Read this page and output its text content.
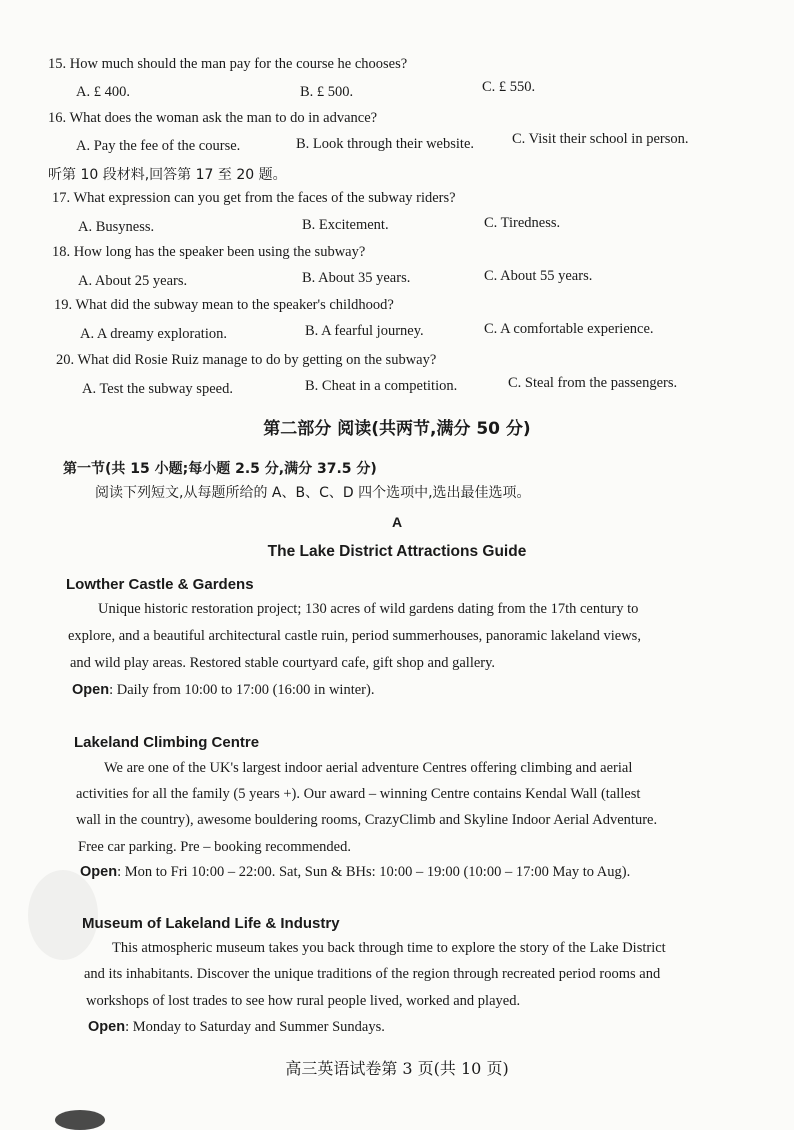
15. How much should the man pay for the course he chooses?
A. £ 400.	B. £ 500.	C. £ 550.
16. What does the woman ask the man to do in advance?
A. Pay the fee of the course.	B. Look through their website.	C. Visit their school in person.
听第 10 段材料,回答第 17 至 20 题。
17. What expression can you get from the faces of the subway riders?
A. Busyness.	B. Excitement.	C. Tiredness.
18. How long has the speaker been using the subway?
A. About 25 years.	B. About 35 years.	C. About 55 years.
19. What did the subway mean to the speaker's childhood?
A. A dreamy exploration.	B. A fearful journey.	C. A comfortable experience.
20. What did Rosie Ruiz manage to do by getting on the subway?
A. Test the subway speed.	B. Cheat in a competition.	C. Steal from the passengers.
第二部分 阅读(共两节,满分 50 分)
第一节(共 15 小题;每小题 2.5 分,满分 37.5 分)
阅读下列短文,从每题所给的 A、B、C、D 四个选项中,选出最佳选项。
A
The Lake District Attractions Guide
Lowther Castle & Gardens
Unique historic restoration project; 130 acres of wild gardens dating from the 17th century to
explore, and a beautiful architectural castle ruin, period summerhouses, panoramic lakeland views,
and wild play areas. Restored stable courtyard cafe, gift shop and gallery.
Open: Daily from 10:00 to 17:00 (16:00 in winter).
Lakeland Climbing Centre
We are one of the UK's largest indoor aerial adventure Centres offering climbing and aerial
activities for all the family (5 years +). Our award – winning Centre contains Kendal Wall (tallest
wall in the country), awesome bouldering rooms, CrazyClimb and Skyline Indoor Aerial Adventure.
Free car parking. Pre – booking recommended.
Open: Mon to Fri 10:00 – 22:00. Sat, Sun & BHs: 10:00 – 19:00 (10:00 – 17:00 May to Aug).
Museum of Lakeland Life & Industry
This atmospheric museum takes you back through time to explore the story of the Lake District
and its inhabitants. Discover the unique traditions of the region through recreated period rooms and
workshops of lost trades to see how rural people lived, worked and played.
Open: Monday to Saturday and Summer Sundays.
高三英语试卷第 3 页(共 10 页)
